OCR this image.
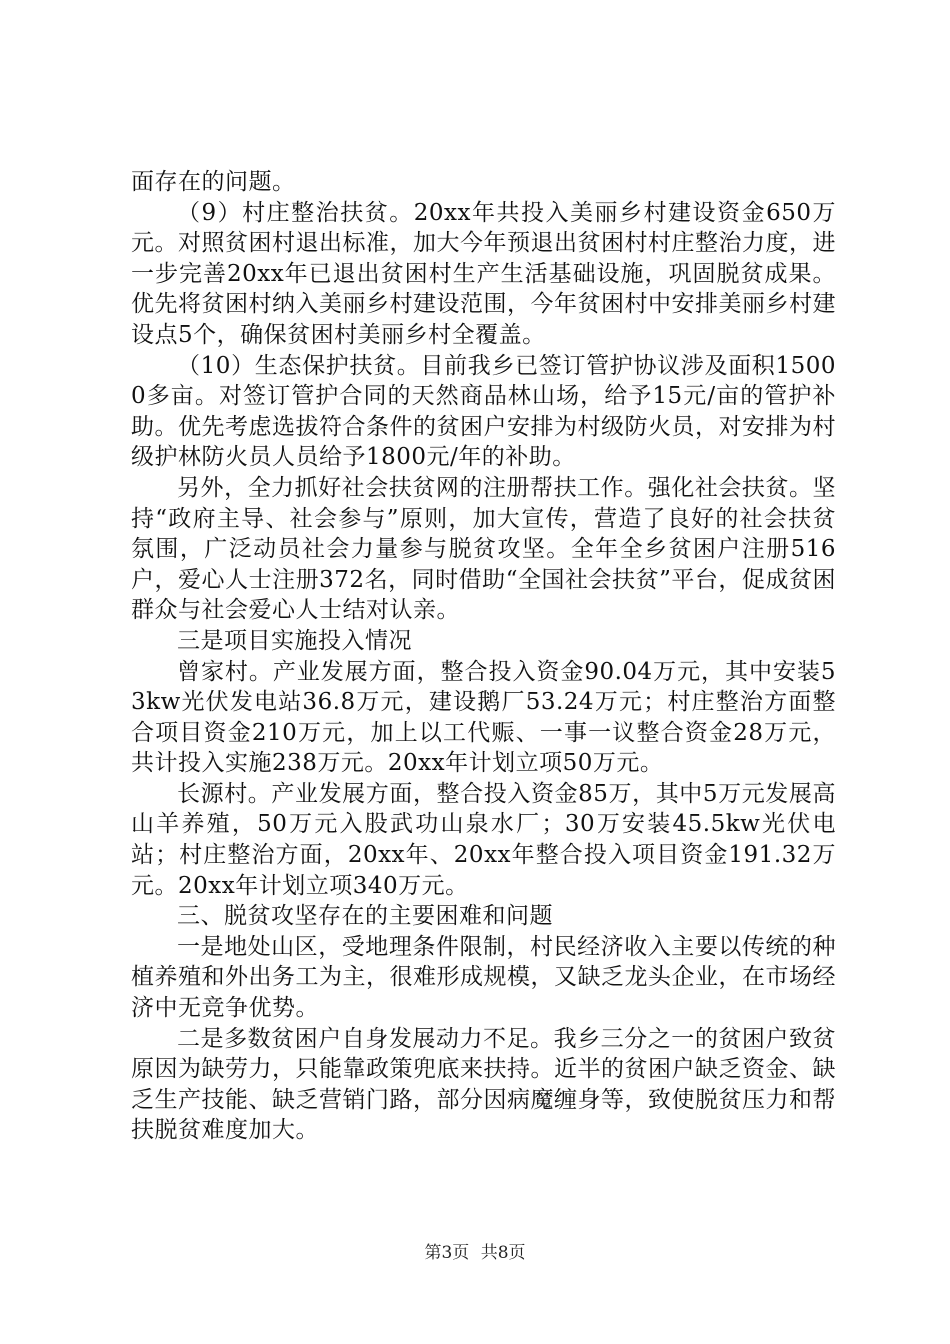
面存在的问题。

（9）村庄整治扶贫。20xx年共投入美丽乡村建设资金650万元。对照贫困村退出标准，加大今年预退出贫困村村庄整治力度，进一步完善20xx年已退出贫困村生产生活基础设施，巩固脱贫成果。优先将贫困村纳入美丽乡村建设范围，今年贫困村中安排美丽乡村建设点5个，确保贫困村美丽乡村全覆盖。

（10）生态保护扶贫。目前我乡已签订管护协议涉及面积15000多亩。对签订管护合同的天然商品林山场，给予15元/亩的管护补助。优先考虑选拔符合条件的贫困户安排为村级防火员，对安排为村级护林防火员人员给予1800元/年的补助。

另外，全力抓好社会扶贫网的注册帮扶工作。强化社会扶贫。坚持“政府主导、社会参与”原则，加大宣传，营造了良好的社会扶贫氛围，广泛动员社会力量参与脱贫攻坚。全年全乡贫困户注册516户，爱心人士注册372名，同时借助“全国社会扶贫”平台，促成贫困群众与社会爱心人士结对认亲。

三是项目实施投入情况

曾家村。产业发展方面，整合投入资金90.04万元，其中安装53kw光伏发电站36.8万元，建设鹅厂53.24万元；村庄整治方面整合项目资金210万元，加上以工代赈、一事一议整合资金28万元，共计投入实施238万元。20xx年计划立项50万元。

长源村。产业发展方面，整合投入资金85万，其中5万元发展高山羊养殖，50万元入股武功山泉水厂；30万安装45.5kw光伏电站；村庄整治方面，20xx年、20xx年整合投入项目资金191.32万元。20xx年计划立项340万元。

三、脱贫攻坚存在的主要困难和问题

一是地处山区，受地理条件限制，村民经济收入主要以传统的种植养殖和外出务工为主，很难形成规模，又缺乏龙头企业，在市场经济中无竞争优势。

二是多数贫困户自身发展动力不足。我乡三分之一的贫困户致贫原因为缺劳力，只能靠政策兜底来扶持。近半的贫困户缺乏资金、缺乏生产技能、缺乏营销门路，部分因病魔缠身等，致使脱贫压力和帮扶脱贫难度加大。

第3页 共8页
